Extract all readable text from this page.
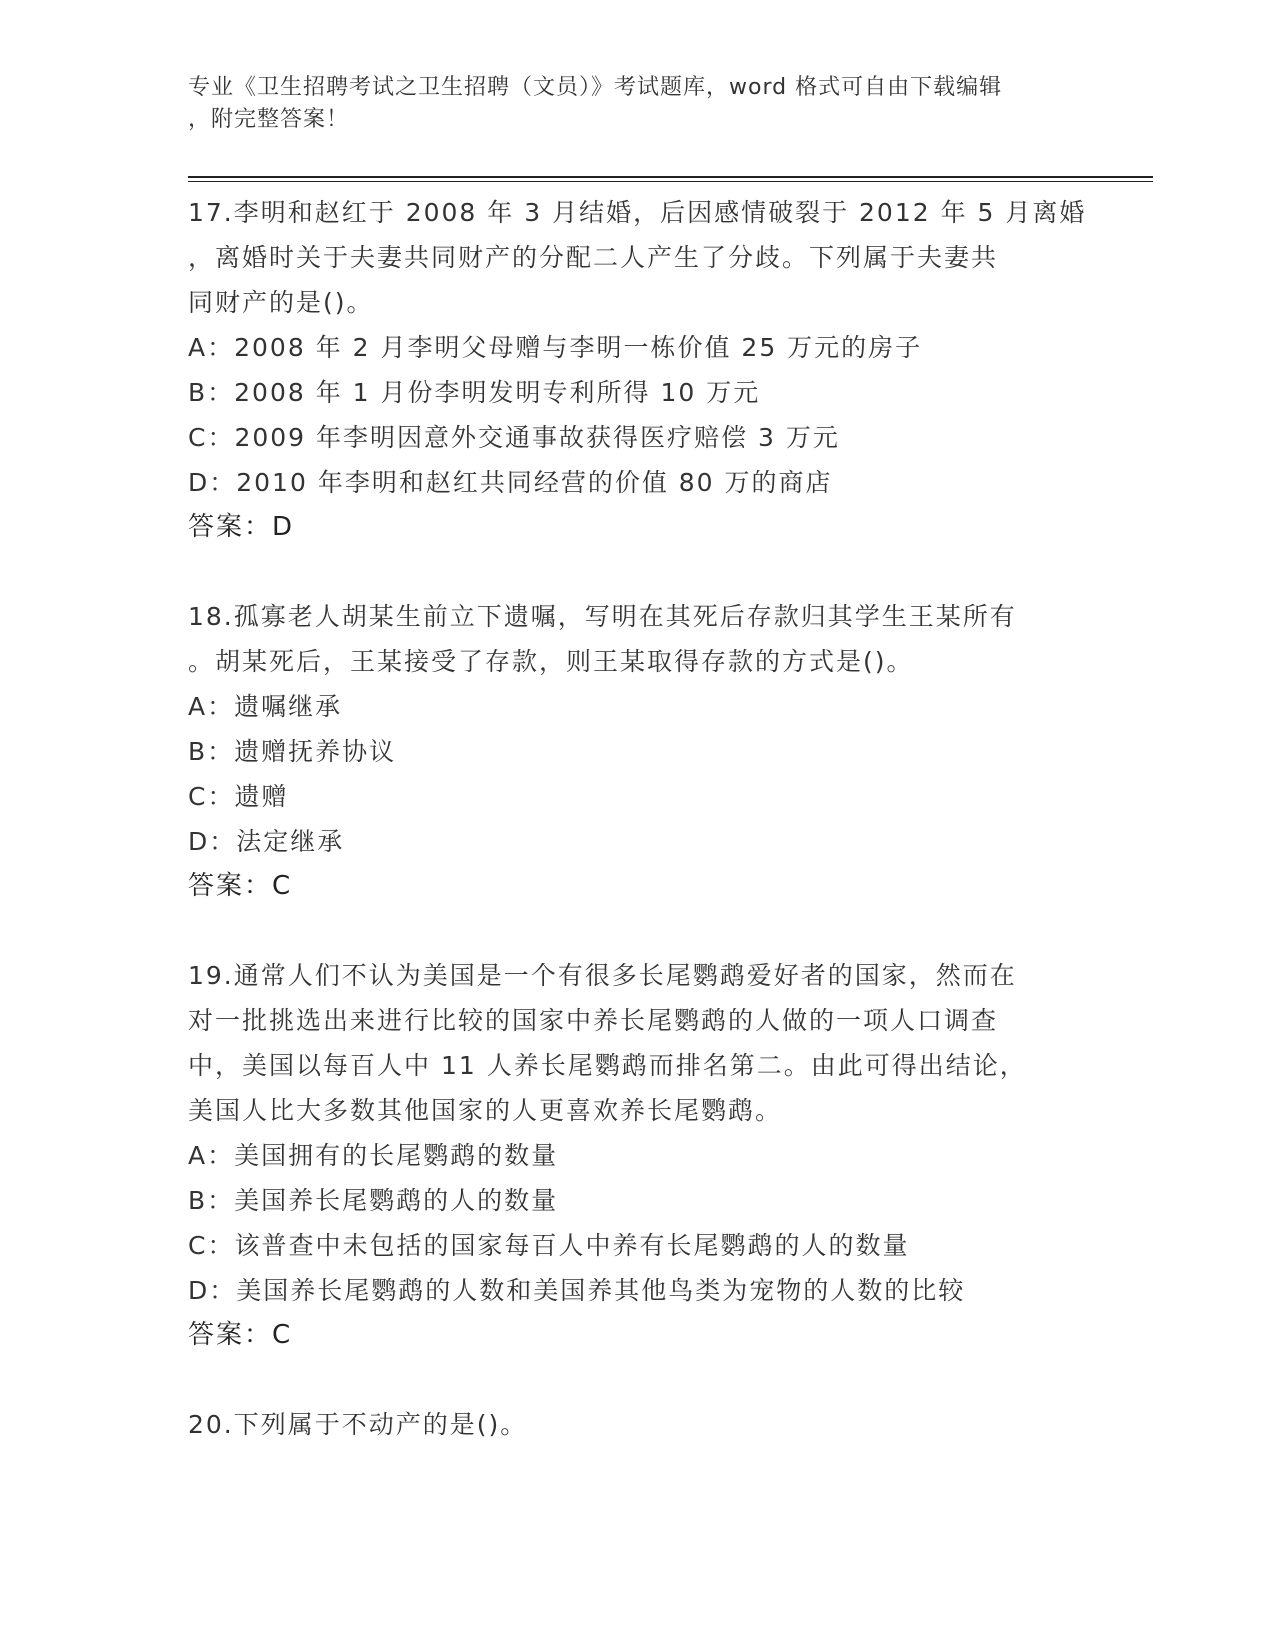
专业《卫生招聘考试之卫生招聘（文员）》考试题库，word 格式可自由下载编辑
，附完整答案！

17.李明和赵红于 2008 年 3 月结婚，后因感情破裂于 2012 年 5 月离婚

，离婚时关于夫妻共同财产的分配二人产生了分歧。下列属于夫妻共

同财产的是()。

A：2008 年 2 月李明父母赠与李明一栋价值 25 万元的房子

B：2008 年 1 月份李明发明专利所得 10 万元

C：2009 年李明因意外交通事故获得医疗赔偿 3 万元

D：2010 年李明和赵红共同经营的价值 80 万的商店

答案：D

18.孤寡老人胡某生前立下遗嘱，写明在其死后存款归其学生王某所有

。胡某死后，王某接受了存款，则王某取得存款的方式是()。

A：遗嘱继承

B：遗赠抚养协议

C：遗赠

D：法定继承

答案：C

19.通常人们不认为美国是一个有很多长尾鹦鹉爱好者的国家，然而在

对一批挑选出来进行比较的国家中养长尾鹦鹉的人做的一项人口调查

中，美国以每百人中 11 人养长尾鹦鹉而排名第二。由此可得出结论，

美国人比大多数其他国家的人更喜欢养长尾鹦鹉。

A：美国拥有的长尾鹦鹉的数量

B：美国养长尾鹦鹉的人的数量

C：该普查中未包括的国家每百人中养有长尾鹦鹉的人的数量

D：美国养长尾鹦鹉的人数和美国养其他鸟类为宠物的人数的比较

答案：C

20.下列属于不动产的是()。
